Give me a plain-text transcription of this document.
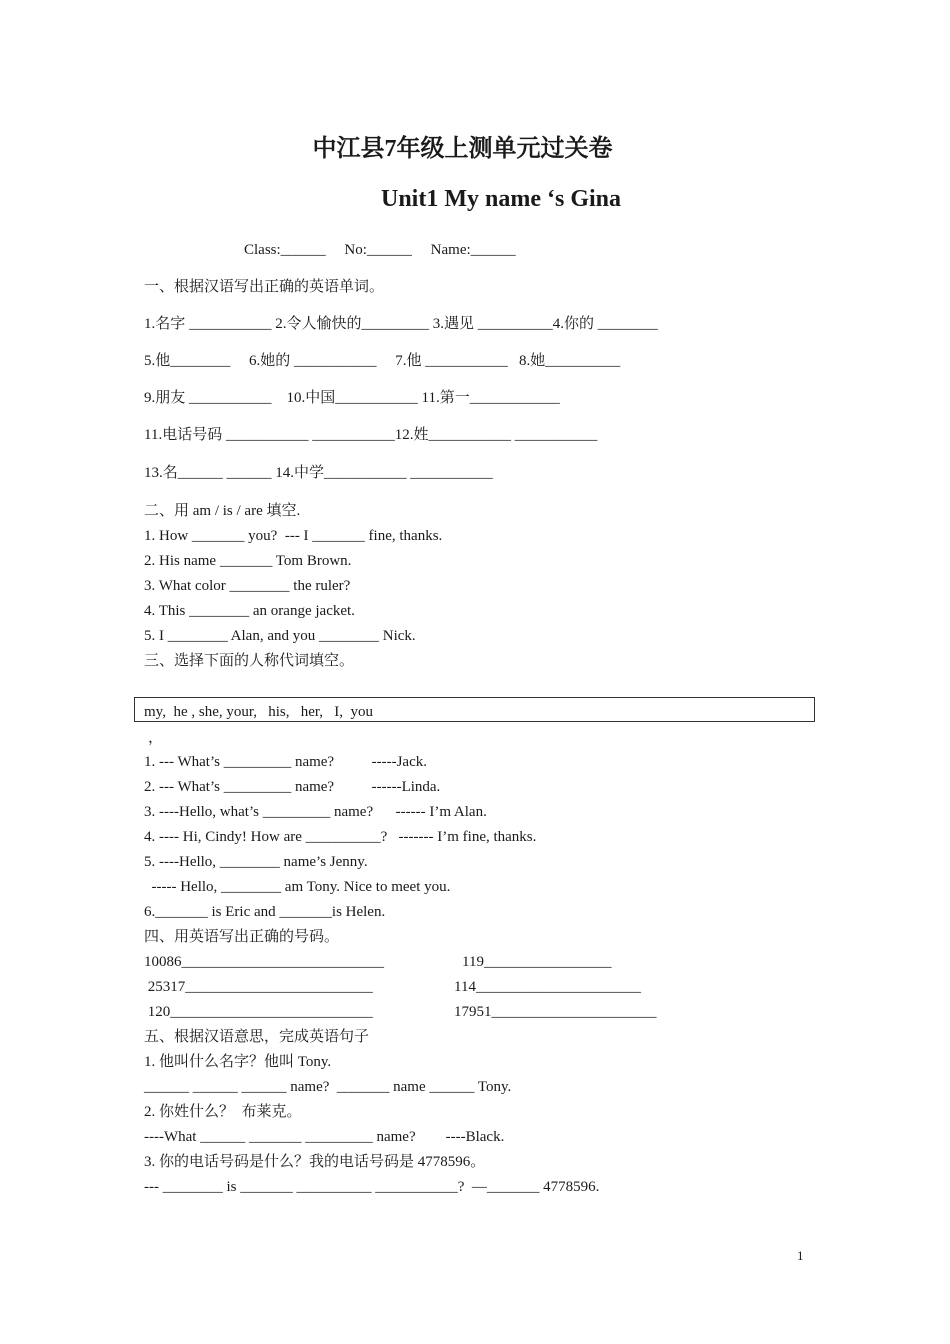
中江县7年级上测单元过关卷
Unit1 My name ‘s Gina
Class:______     No:______     Name:______
一、根据汉语写出正确的英语单词。
1.名字 ___________ 2.令人愉快的_________ 3.遇见 __________4.你的 ________
5.他________     6.她的 ___________     7.他 ___________   8.她__________
9.朋友 ___________    10.中国___________ 11.第一____________
11.电话号码 ___________ ___________12.姓___________ ___________
13.名______ ______ 14.中学___________ ___________
二、用 am / is / are 填空.
1. How _______ you?  --- I _______ fine, thanks.
2. His name _______ Tom Brown.
3. What color ________ the ruler?
4. This ________ an orange jacket.
5. I ________ Alan, and you ________ Nick.
三、选择下面的人称代词填空。
my,  he , she, your,   his,   her,   I,  you
，
1. --- What’s _________ name?          -----Jack.
2. --- What’s _________ name?          ------Linda.
3. ----Hello, what’s _________ name?      ------ I’m Alan.
4. ---- Hi, Cindy! How are __________?   ------- I’m fine, thanks.
5. ----Hello, ________ name’s Jenny.
----- Hello, ________ am Tony. Nice to meet you.
6._______ is Eric and _______is Helen.
四、用英语写出正确的号码。
10086___________________________	119_________________
25317_________________________	114______________________
120___________________________	17951______________________
五、根据汉语意思，完成英语句子
1. 他叫什么名字？他叫 Tony.
______ ______ ______ name?  _______ name ______ Tony.
2. 你姓什么？  布莱克。
----What ______ _______ _________ name?        ----Black.
3. 你的电话号码是什么？我的电话号码是 4778596。
--- ________ is _______ __________ ___________?  —_______ 4778596.
1
